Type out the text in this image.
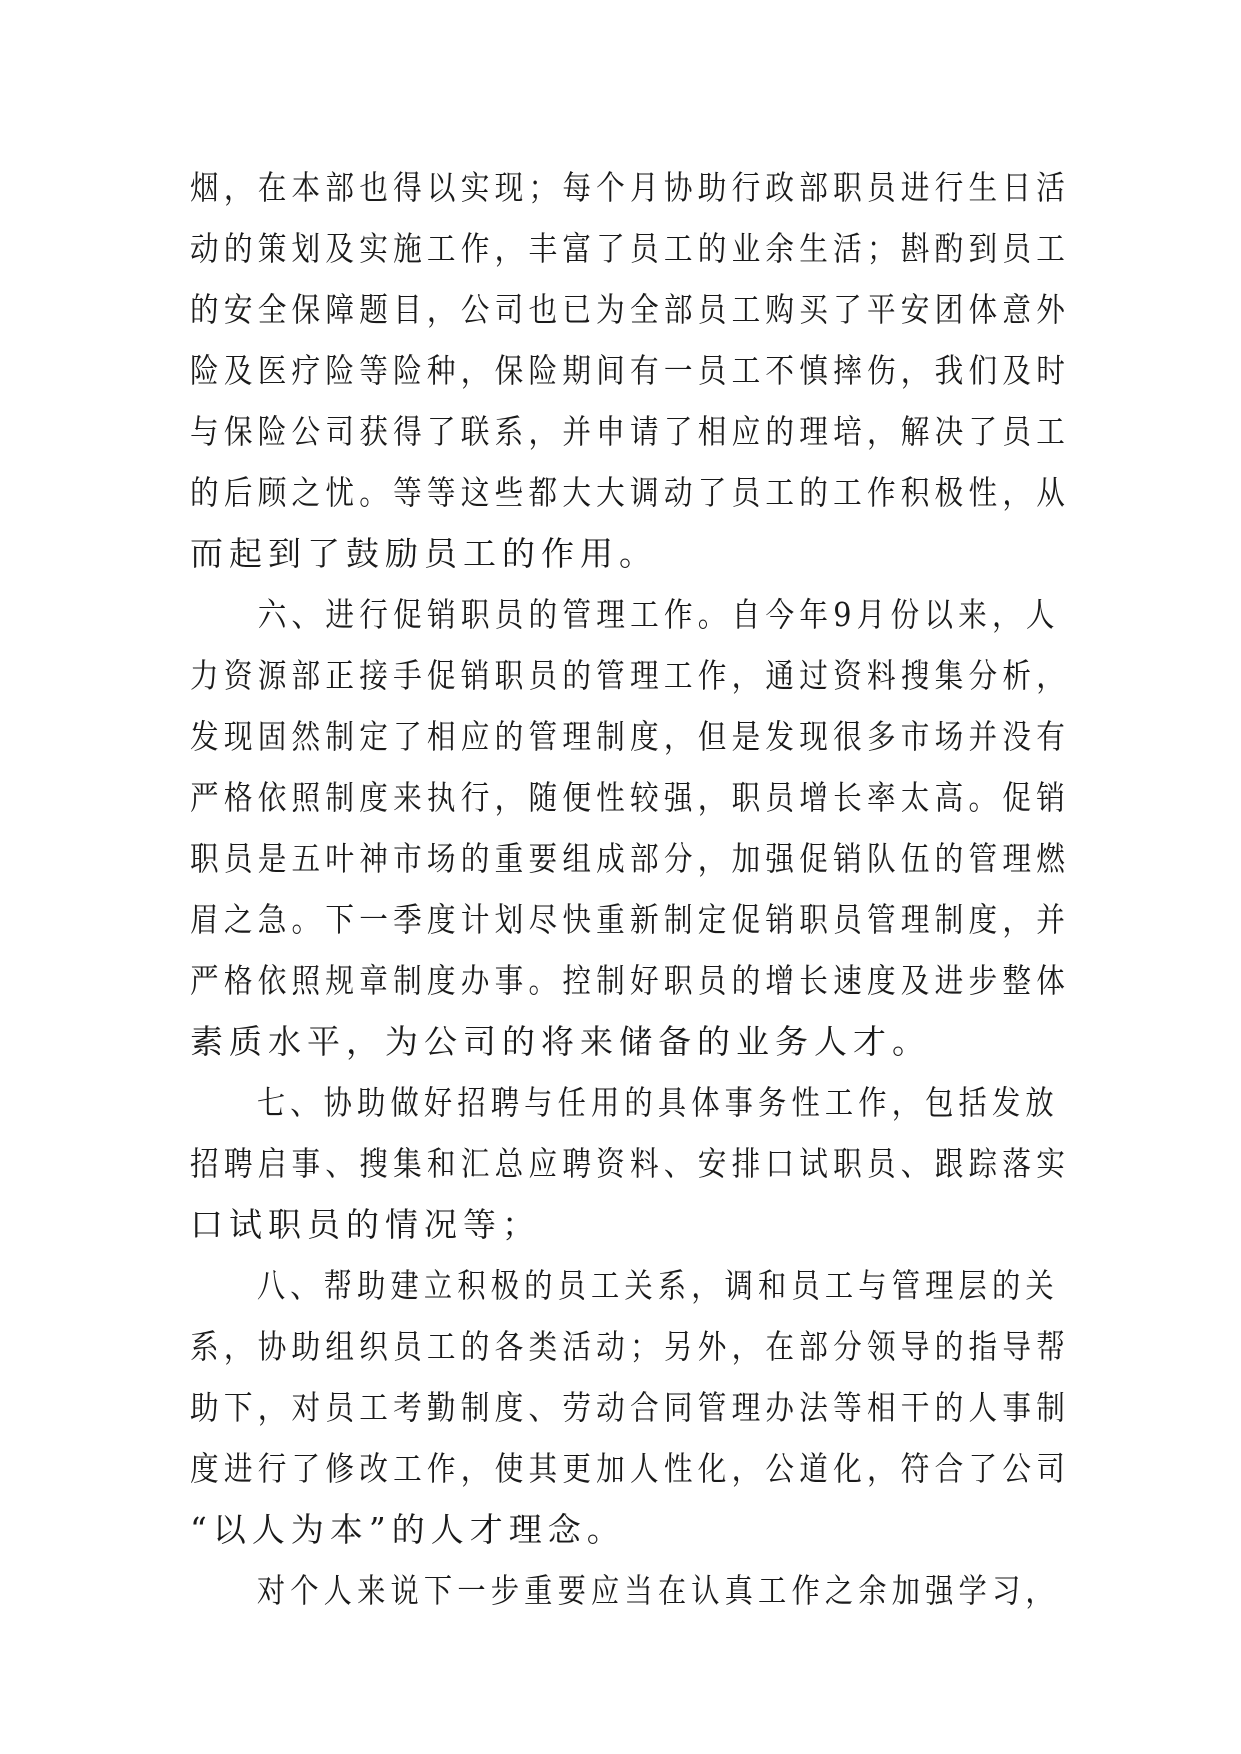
烟，在本部也得以实现；每个月协助行政部职员进行生日活
动的策划及实施工作，丰富了员工的业余生活；斟酌到员工
的安全保障题目，公司也已为全部员工购买了平安团体意外
险及医疗险等险种，保险期间有一员工不慎摔伤，我们及时
与保险公司获得了联系，并申请了相应的理培，解决了员工
的后顾之忧。等等这些都大大调动了员工的工作积极性，从
而起到了鼓励员工的作用。
六、进行促销职员的管理工作。自今年9月份以来，人
力资源部正接手促销职员的管理工作，通过资料搜集分析，
发现固然制定了相应的管理制度，但是发现很多市场并没有
严格依照制度来执行，随便性较强，职员增长率太高。促销
职员是五叶神市场的重要组成部分，加强促销队伍的管理燃
眉之急。下一季度计划尽快重新制定促销职员管理制度，并
严格依照规章制度办事。控制好职员的增长速度及进步整体
素质水平，为公司的将来储备的业务人才。
七、协助做好招聘与任用的具体事务性工作，包括发放
招聘启事、搜集和汇总应聘资料、安排口试职员、跟踪落实
口试职员的情况等；
八、帮助建立积极的员工关系，调和员工与管理层的关
系，协助组织员工的各类活动；另外，在部分领导的指导帮
助下，对员工考勤制度、劳动合同管理办法等相干的人事制
度进行了修改工作，使其更加人性化，公道化，符合了公司
“以人为本”的人才理念。
对个人来说下一步重要应当在认真工作之余加强学习，
